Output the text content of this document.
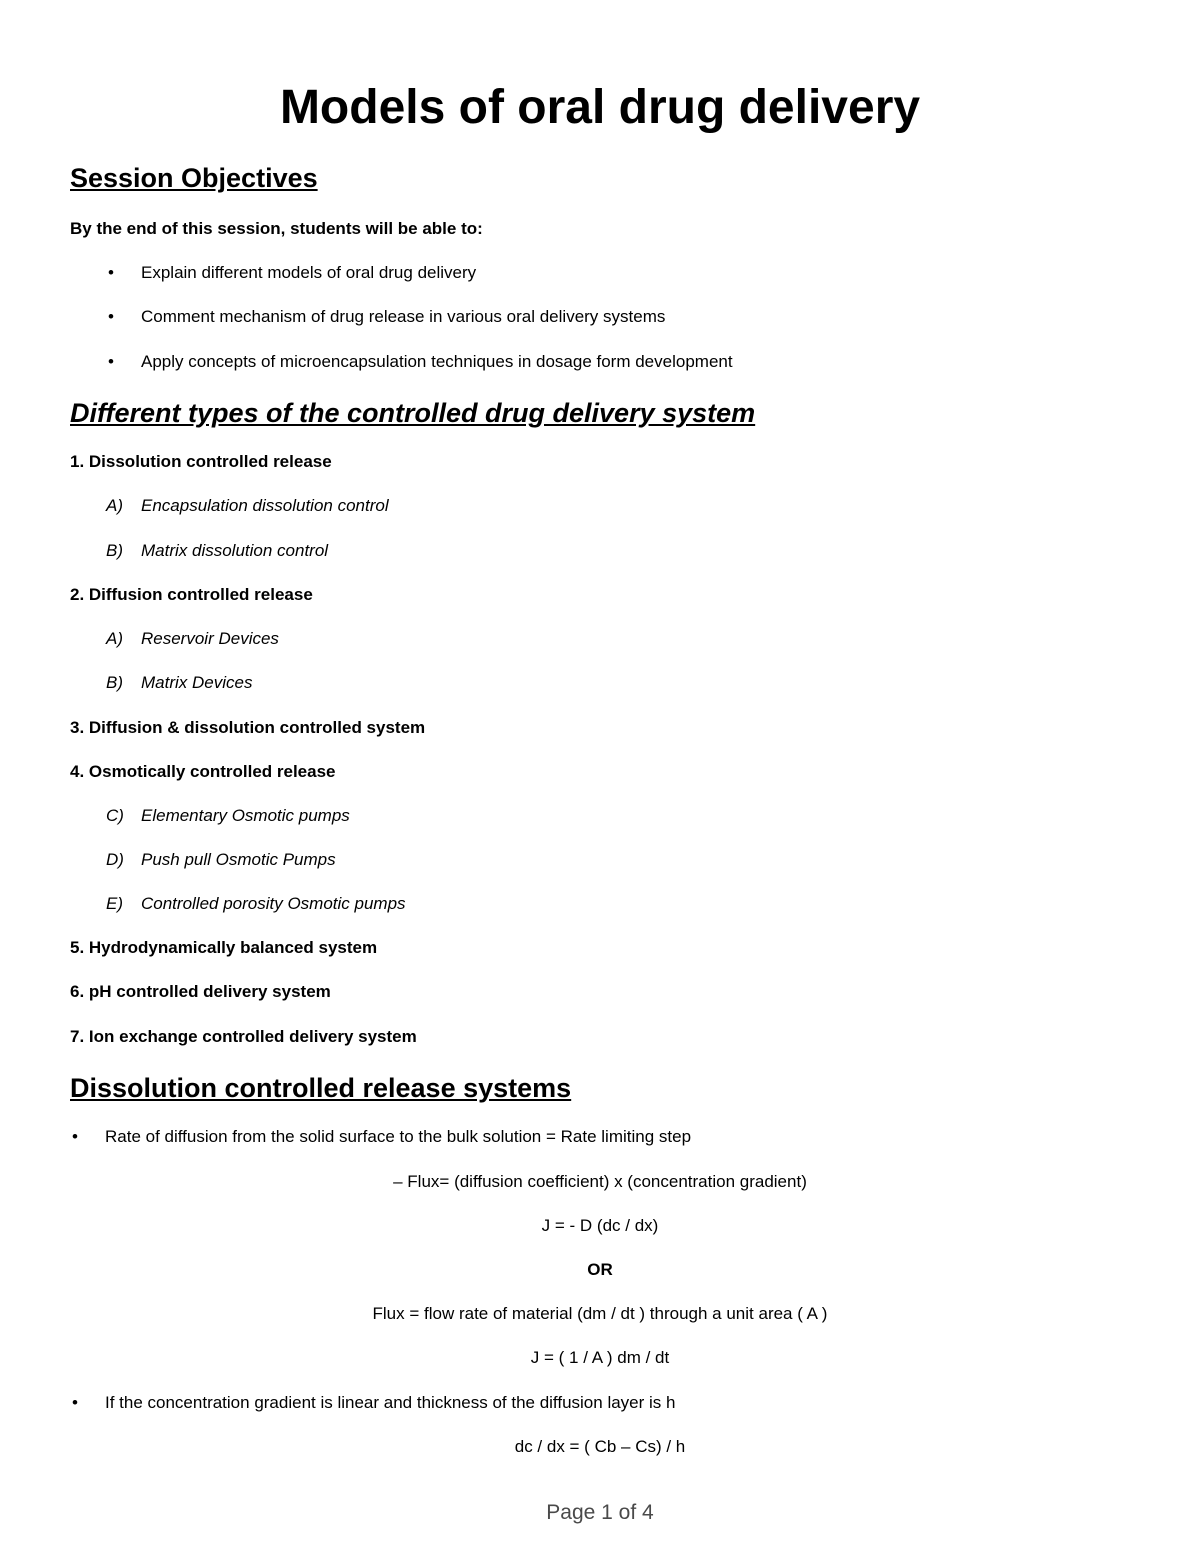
Models of oral drug delivery
Session Objectives
By the end of this session, students will be able to:
• Explain different models of oral drug delivery
• Comment mechanism of drug release in various oral delivery systems
• Apply concepts of microencapsulation techniques in dosage form development
Different types of the controlled drug delivery system
1. Dissolution controlled release
A) Encapsulation dissolution control
B) Matrix dissolution control
2. Diffusion controlled release
A) Reservoir Devices
B) Matrix Devices
3. Diffusion & dissolution controlled system
4. Osmotically controlled release
C) Elementary Osmotic pumps
D) Push pull Osmotic Pumps
E) Controlled porosity Osmotic pumps
5. Hydrodynamically balanced system
6. pH controlled delivery system
7. Ion exchange controlled delivery system
Dissolution controlled release systems
• Rate of diffusion from the solid surface to the bulk solution = Rate limiting step
– Flux= (diffusion coefficient) x (concentration gradient)
J = - D (dc / dx)
OR
Flux = flow rate of material (dm / dt ) through a unit area ( A )
J = ( 1 / A ) dm / dt
• If the concentration gradient is linear and thickness of the diffusion layer is h
dc / dx = ( Cb – Cs) / h
Page 1 of 4
